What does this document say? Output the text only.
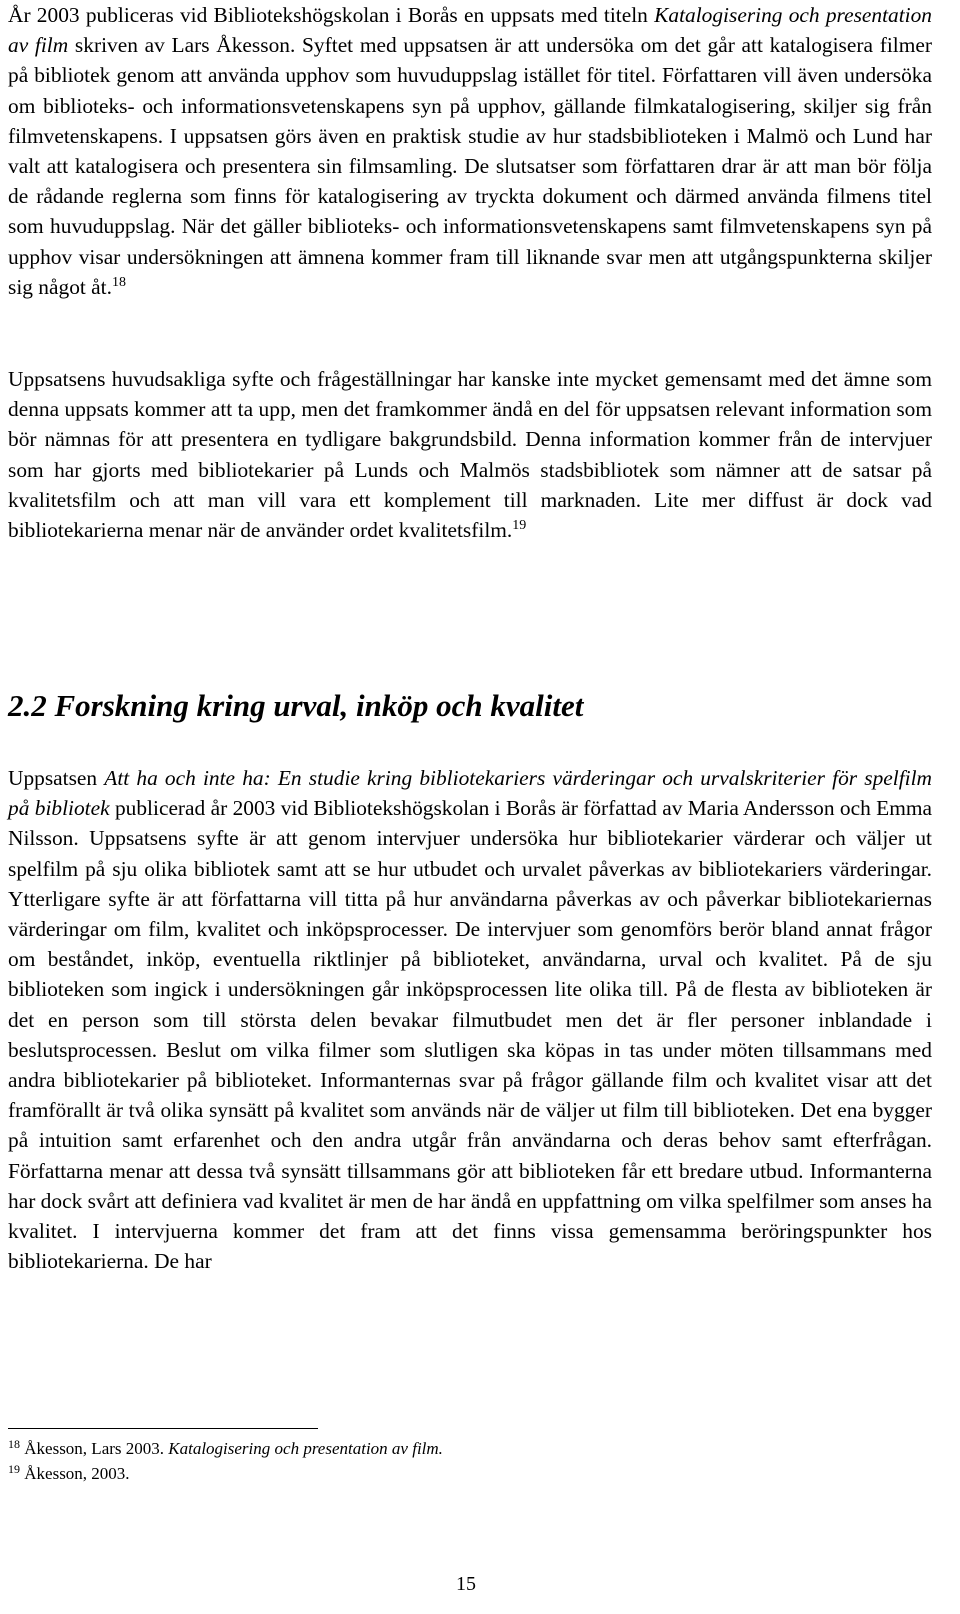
År 2003 publiceras vid Bibliotekshögskolan i Borås en uppsats med titeln Katalogisering och presentation av film skriven av Lars Åkesson. Syftet med uppsatsen är att undersöka om det går att katalogisera filmer på bibliotek genom att använda upphov som huvuduppslag istället för titel. Författaren vill även undersöka om biblioteks- och informationsvetenskapens syn på upphov, gällande filmkatalogisering, skiljer sig från filmvetenskapens. I uppsatsen görs även en praktisk studie av hur stadsbiblioteken i Malmö och Lund har valt att katalogisera och presentera sin filmsamling. De slutsatser som författaren drar är att man bör följa de rådande reglerna som finns för katalogisering av tryckta dokument och därmed använda filmens titel som huvuduppslag. När det gäller biblioteks- och informationsvetenskapens samt filmvetenskapens syn på upphov visar undersökningen att ämnena kommer fram till liknande svar men att utgångspunkterna skiljer sig något åt.$^{18}$

Uppsatsens huvudsakliga syfte och frågeställningar har kanske inte mycket gemensamt med det ämne som denna uppsats kommer att ta upp, men det framkommer ändå en del för uppsatsen relevant information som bör nämnas för att presentera en tydligare bakgrundsbild. Denna information kommer från de intervjuer som har gjorts med bibliotekarier på Lunds och Malmös stadsbibliotek som nämner att de satsar på kvalitetsfilm och att man vill vara ett komplement till marknaden. Lite mer diffust är dock vad bibliotekarierna menar när de använder ordet kvalitetsfilm.$^{19}$

2.2 Forskning kring urval, inköp och kvalitet

Uppsatsen Att ha och inte ha: En studie kring bibliotekariers värderingar och urvalskriterier för spelfilm på bibliotek publicerad år 2003 vid Bibliotekshögskolan i Borås är författad av Maria Andersson och Emma Nilsson. Uppsatsens syfte är att genom intervjuer undersöka hur bibliotekarier värderar och väljer ut spelfilm på sju olika bibliotek samt att se hur utbudet och urvalet påverkas av bibliotekariers värderingar. Ytterligare syfte är att författarna vill titta på hur användarna påverkas av och påverkar bibliotekariernas värderingar om film, kvalitet och inköpsprocesser. De intervjuer som genomförs berör bland annat frågor om beståndet, inköp, eventuella riktlinjer på biblioteket, användarna, urval och kvalitet. På de sju biblioteken som ingick i undersökningen går inköpsprocessen lite olika till. På de flesta av biblioteken är det en person som till största delen bevakar filmutbudet men det är fler personer inblandade i beslutsprocessen. Beslut om vilka filmer som slutligen ska köpas in tas under möten tillsammans med andra bibliotekarier på biblioteket. Informanternas svar på frågor gällande film och kvalitet visar att det framförallt är två olika synsätt på kvalitet som används när de väljer ut film till biblioteken. Det ena bygger på intuition samt erfarenhet och den andra utgår från användarna och deras behov samt efterfrågan. Författarna menar att dessa två synsätt tillsammans gör att biblioteken får ett bredare utbud. Informanterna har dock svårt att definiera vad kvalitet är men de har ändå en uppfattning om vilka spelfilmer som anses ha kvalitet. I intervjuerna kommer det fram att det finns vissa gemensamma beröringspunkter hos bibliotekarierna. De har

$^{18}$ Åkesson, Lars 2003. Katalogisering och presentation av film.

$^{19}$ Åkesson, 2003.

15
